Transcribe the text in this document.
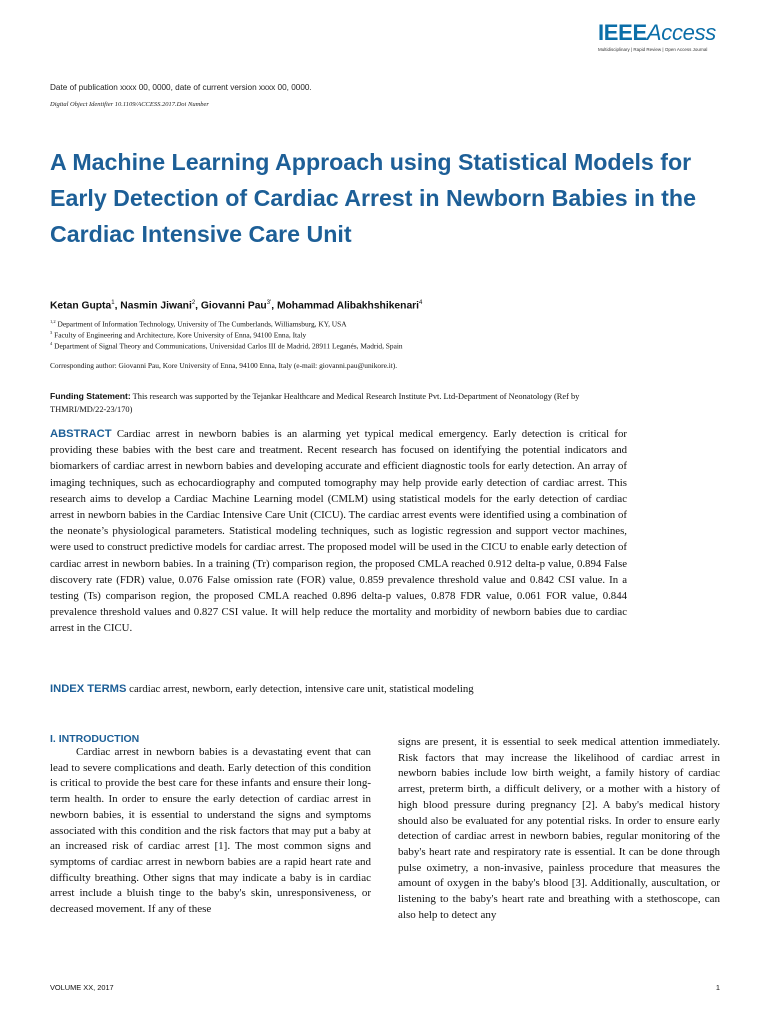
IEEEAccess
Multidisciplinary | Rapid Review | Open Access Journal
Date of publication xxxx 00, 0000, date of current version xxxx 00, 0000.
Digital Object Identifier 10.1109/ACCESS.2017.Doi Number
A Machine Learning Approach using Statistical Models for Early Detection of Cardiac Arrest in Newborn Babies in the Cardiac Intensive Care Unit
Ketan Gupta$^1$, Nasmin Jiwani$^2$, Giovanni Pau$^{3'}$, Mohammad Alibakhshikenari$^4$
$^{1,2}$ Department of Information Technology, University of The Cumberlands, Williamsburg, KY, USA
$^3$ Faculty of Engineering and Architecture, Kore University of Enna, 94100 Enna, Italy
$^4$ Department of Signal Theory and Communications, Universidad Carlos III de Madrid, 28911 Leganés, Madrid, Spain
Corresponding author: Giovanni Pau, Kore University of Enna, 94100 Enna, Italy (e-mail: giovanni.pau@unikore.it).
Funding Statement: This research was supported by the Tejankar Healthcare and Medical Research Institute Pvt. Ltd-Department of Neonatology (Ref by THMRI/MD/22-23/170)
ABSTRACT Cardiac arrest in newborn babies is an alarming yet typical medical emergency. Early detection is critical for providing these babies with the best care and treatment. Recent research has focused on identifying the potential indicators and biomarkers of cardiac arrest in newborn babies and developing accurate and efficient diagnostic tools for early detection. An array of imaging techniques, such as echocardiography and computed tomography may help provide early detection of cardiac arrest. This research aims to develop a Cardiac Machine Learning model (CMLM) using statistical models for the early detection of cardiac arrest in newborn babies in the Cardiac Intensive Care Unit (CICU). The cardiac arrest events were identified using a combination of the neonate’s physiological parameters. Statistical modeling techniques, such as logistic regression and support vector machines, were used to construct predictive models for cardiac arrest. The proposed model will be used in the CICU to enable early detection of cardiac arrest in newborn babies. In a training (Tr) comparison region, the proposed CMLA reached 0.912 delta-p value, 0.894 False discovery rate (FDR) value, 0.076 False omission rate (FOR) value, 0.859 prevalence threshold value and 0.842 CSI value. In a testing (Ts) comparison region, the proposed CMLA reached 0.896 delta-p values, 0.878 FDR value, 0.061 FOR value, 0.844 prevalence threshold values and 0.827 CSI value. It will help reduce the mortality and morbidity of newborn babies due to cardiac arrest in the CICU.
INDEX TERMS cardiac arrest, newborn, early detection, intensive care unit, statistical modeling
I. INTRODUCTION
Cardiac arrest in newborn babies is a devastating event that can lead to severe complications and death. Early detection of this condition is critical to provide the best care for these infants and ensure their long-term health. In order to ensure the early detection of cardiac arrest in newborn babies, it is essential to understand the signs and symptoms associated with this condition and the risk factors that may put a baby at an increased risk of cardiac arrest [1]. The most common signs and symptoms of cardiac arrest in newborn babies are a rapid heart rate and difficulty breathing. Other signs that may indicate a baby is in cardiac arrest include a bluish tinge to the baby's skin, unresponsiveness, or decreased movement. If any of these
signs are present, it is essential to seek medical attention immediately. Risk factors that may increase the likelihood of cardiac arrest in newborn babies include low birth weight, a family history of cardiac arrest, preterm birth, a difficult delivery, or a mother with a history of high blood pressure during pregnancy [2]. A baby's medical history should also be evaluated for any potential risks. In order to ensure early detection of cardiac arrest in newborn babies, regular monitoring of the baby's heart rate and respiratory rate is essential. It can be done through pulse oximetry, a non-invasive, painless procedure that measures the amount of oxygen in the baby's blood [3]. Additionally, auscultation, or listening to the baby's heart rate and breathing with a stethoscope, can also help to detect any
VOLUME XX, 2017	1
